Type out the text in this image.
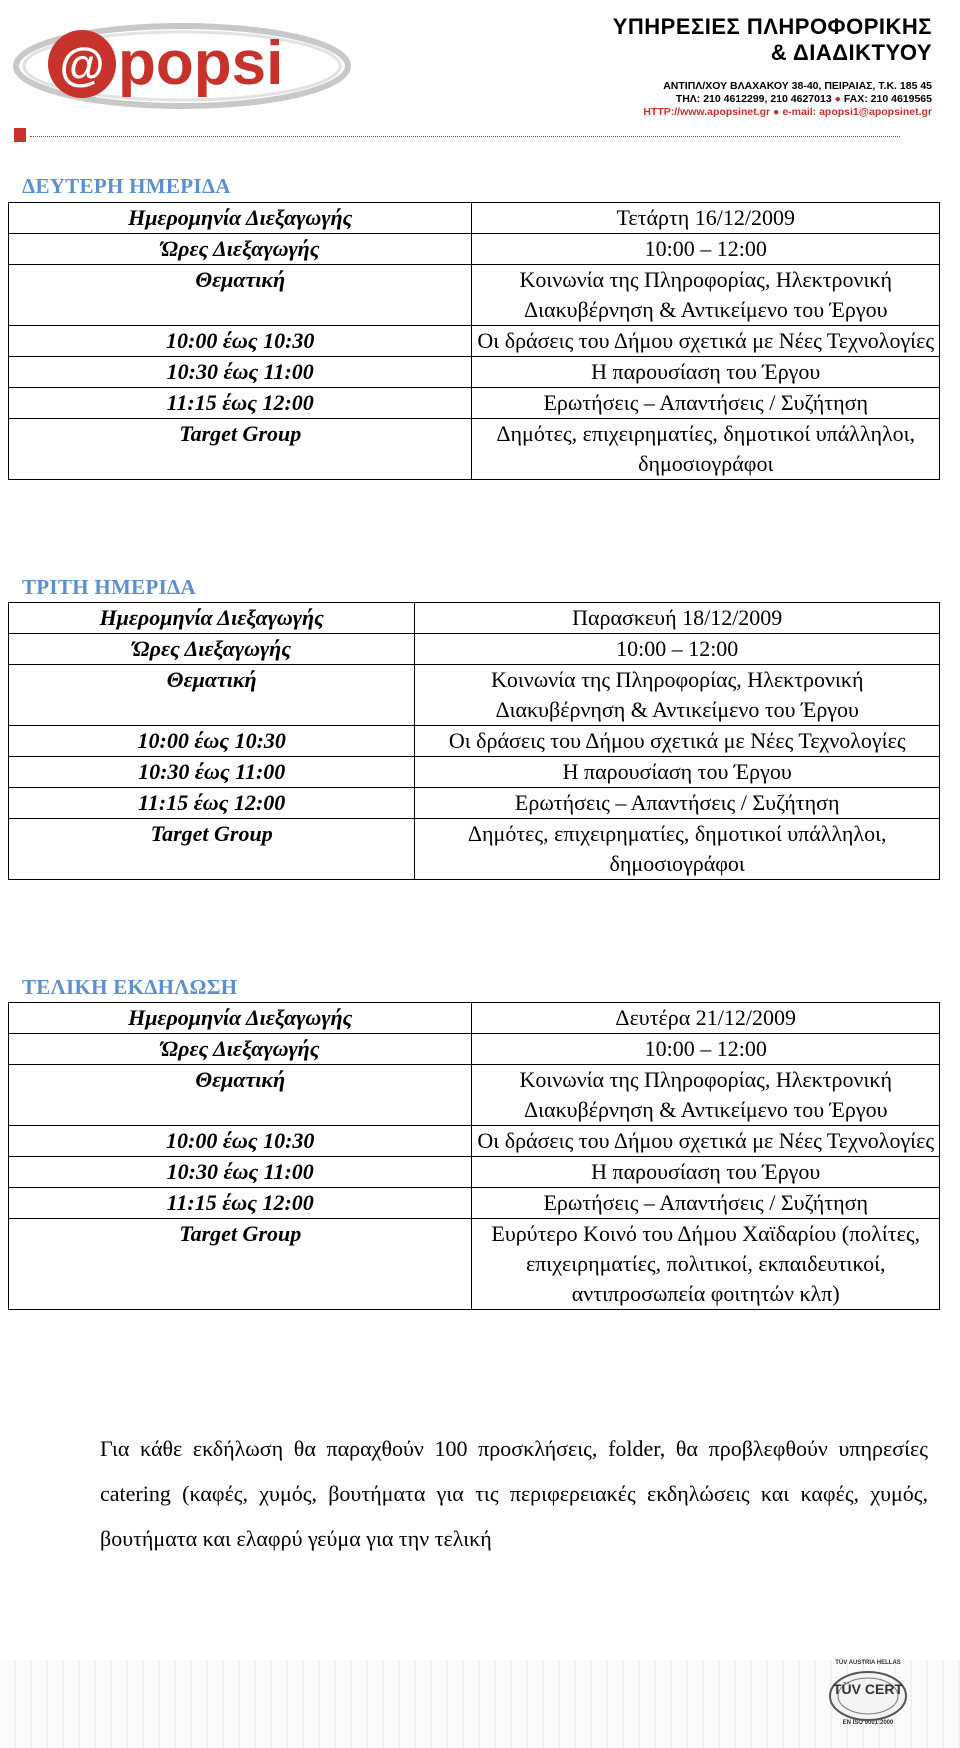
@ popsi
ΥΠΗΡΕΣΙΕΣ ΠΛΗΡΟΦΟΡΙΚΗΣ
& ΔΙΑΔΙΚΤΥΟΥ
ΑΝΤΙΠΛ/ΧΟΥ ΒΛΑΧΑΚΟΥ 38-40, ΠΕΙΡΑΙΑΣ, Τ.Κ. 185 45
ΤΗΛ: 210 4612299, 210 4627013 ● FAX: 210 4619565
HTTP://www.apopsinet.gr ● e-mail: apopsi1@apopsinet.gr
ΔΕΥΤΕΡΗ ΗΜΕΡΙΔΑ
Ημερομηνία Διεξαγωγής	Τετάρτη 16/12/2009
Ώρες Διεξαγωγής	10:00 – 12:00
Θεματική	Κοινωνία της Πληροφορίας, Ηλεκτρονική Διακυβέρνηση & Αντικείμενο του Έργου
10:00 έως 10:30	Οι δράσεις του Δήμου σχετικά με Νέες Τεχνολογίες
10:30 έως 11:00	Η παρουσίαση του Έργου
11:15 έως 12:00	Ερωτήσεις – Απαντήσεις / Συζήτηση
Target Group	Δημότες, επιχειρηματίες, δημοτικοί υπάλληλοι, δημοσιογράφοι
ΤΡΙΤΗ ΗΜΕΡΙΔΑ
Ημερομηνία Διεξαγωγής	Παρασκευή 18/12/2009
Ώρες Διεξαγωγής	10:00 – 12:00
Θεματική	Κοινωνία της Πληροφορίας, Ηλεκτρονική Διακυβέρνηση & Αντικείμενο του Έργου
10:00 έως 10:30	Οι δράσεις του Δήμου σχετικά με Νέες Τεχνολογίες
10:30 έως 11:00	Η παρουσίαση του Έργου
11:15 έως 12:00	Ερωτήσεις – Απαντήσεις / Συζήτηση
Target Group	Δημότες, επιχειρηματίες, δημοτικοί υπάλληλοι, δημοσιογράφοι
ΤΕΛΙΚΗ ΕΚΔΗΛΩΣΗ
Ημερομηνία Διεξαγωγής	Δευτέρα 21/12/2009
Ώρες Διεξαγωγής	10:00 – 12:00
Θεματική	Κοινωνία της Πληροφορίας, Ηλεκτρονική Διακυβέρνηση & Αντικείμενο του Έργου
10:00 έως 10:30	Οι δράσεις του Δήμου σχετικά με Νέες Τεχνολογίες
10:30 έως 11:00	Η παρουσίαση του Έργου
11:15 έως 12:00	Ερωτήσεις – Απαντήσεις / Συζήτηση
Target Group	Ευρύτερο Κοινό του Δήμου Χαϊδαρίου (πολίτες, επιχειρηματίες, πολιτικοί, εκπαιδευτικοί, αντιπροσωπεία φοιτητών κλπ)
Για κάθε εκδήλωση θα παραχθούν 100 προσκλήσεις, folder, θα προβλεφθούν υπηρεσίες catering (καφές, χυμός, βουτήματα για τις περιφερειακές εκδηλώσεις και καφές, χυμός, βουτήματα και ελαφρύ γεύμα για την τελική
TÜV AUSTRIA HELLAS
TÜV CERT
EN ISO 9001:2000
